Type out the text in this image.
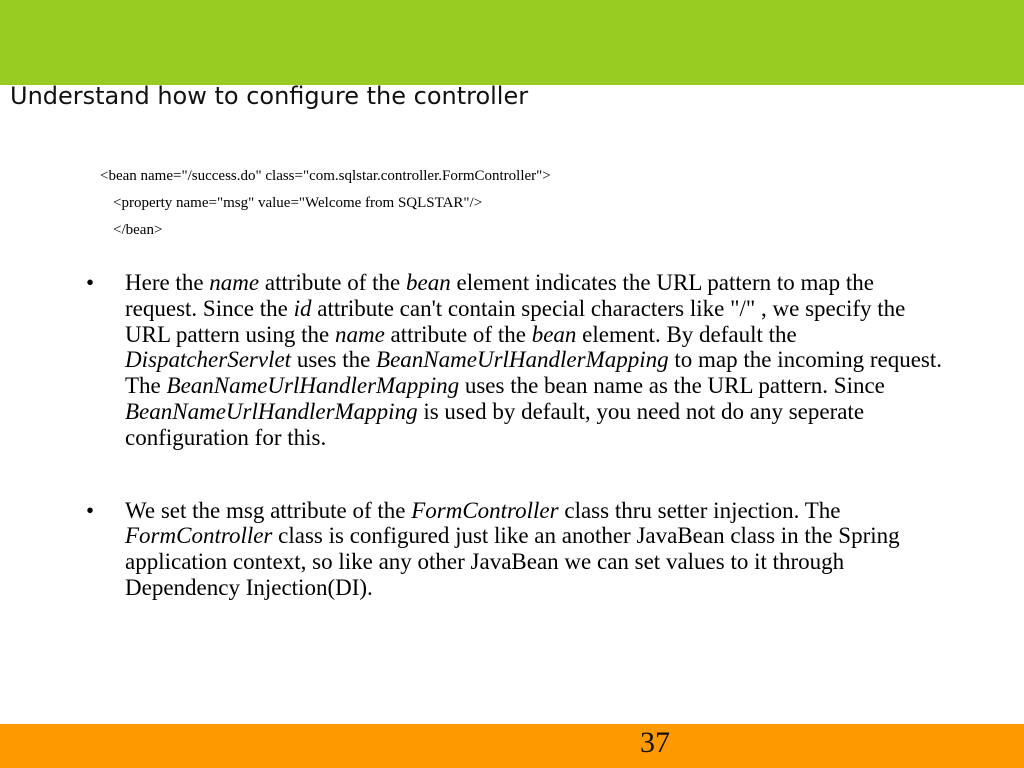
Understand how to configure the controller
<bean name="/success.do" class="com.sqlstar.controller.FormController">
<property name="msg" value="Welcome from SQLSTAR"/>
</bean>
•	Here the name attribute of the bean element indicates the URL pattern to map the request. Since the id attribute can't contain special characters like "/" , we specify the URL pattern using the name attribute of the bean element. By default the DispatcherServlet uses the BeanNameUrlHandlerMapping to map the incoming request. The BeanNameUrlHandlerMapping uses the bean name as the URL pattern. Since BeanNameUrlHandlerMapping is used by default, you need not do any seperate configuration for this.
•	We set the msg attribute of the FormController class thru setter injection. The FormController class is configured just like an another JavaBean class in the Spring application context, so like any other JavaBean we can set values to it through Dependency Injection(DI).
37
